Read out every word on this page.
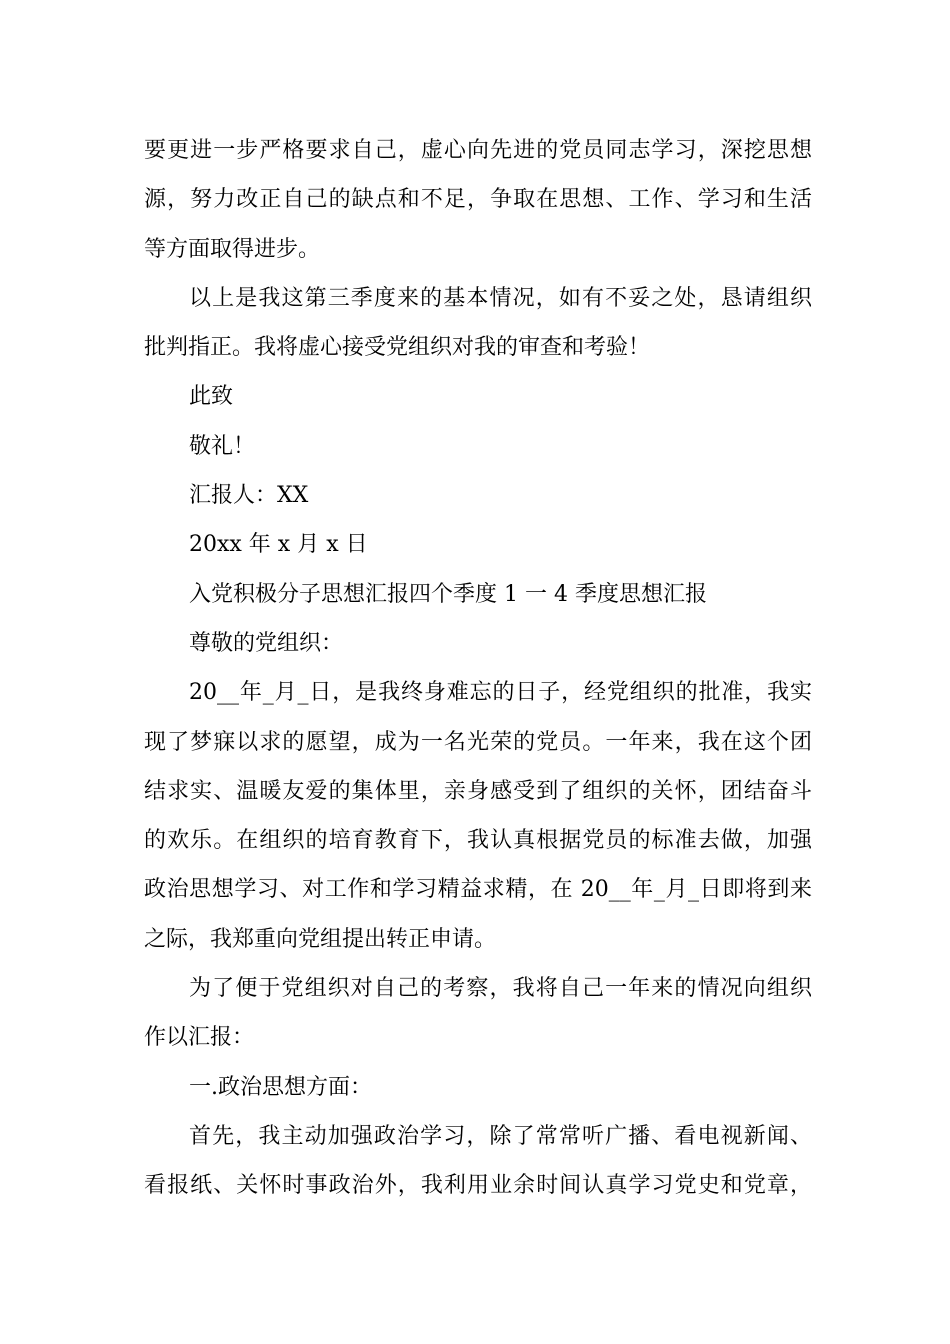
要更进一步严格要求自己，虚心向先进的党员同志学习，深挖思想
源，努力改正自己的缺点和不足，争取在思想、工作、学习和生活
等方面取得进步。
以上是我这第三季度来的基本情况，如有不妥之处，恳请组织
批判指正。我将虚心接受党组织对我的审查和考验！
此致
敬礼！
汇报人：XX
20xx 年 x 月 x 日
入党积极分子思想汇报四个季度 1 一 4 季度思想汇报
尊敬的党组织：
20__年_月_日，是我终身难忘的日子，经党组织的批准，我实
现了梦寐以求的愿望，成为一名光荣的党员。一年来，我在这个团
结求实、温暖友爱的集体里，亲身感受到了组织的关怀，团结奋斗
的欢乐。在组织的培育教育下，我认真根据党员的标准去做，加强
政治思想学习、对工作和学习精益求精，在 20__年_月_日即将到来
之际，我郑重向党组提出转正申请。
为了便于党组织对自己的考察，我将自己一年来的情况向组织
作以汇报：
一.政治思想方面：
首先，我主动加强政治学习，除了常常听广播、看电视新闻、
看报纸、关怀时事政治外，我利用业余时间认真学习党史和党章，
